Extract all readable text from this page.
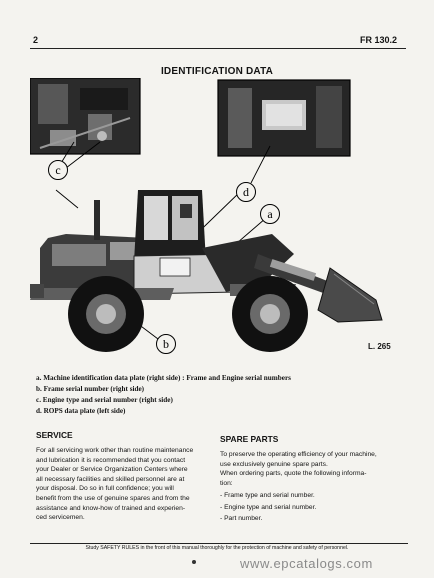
2	FR 130.2
IDENTIFICATION DATA
c
d
a
b	L. 265
a. Machine identification data plate (right side) : Frame and Engine serial numbers
b. Frame serial number (right side)
c. Engine type and serial number (right side)
d. ROPS data plate (left side)
SERVICE
For all servicing work other than routine maintenance
and lubrication it is recommended that you contact
your Dealer or Service Organization Centers where
all necessary facilities and skilled personnel are at
your disposal. Do so in full confidence; you will
benefit from the use of genuine spares and from the
assistance and know-how of trained and experien-
ced servicemen.
SPARE PARTS
To preserve the operating efficiency of your machine,
use exclusively genuine spare parts.
When ordering parts, quote the following informa-
tion:
- Frame type and serial number.
- Engine type and serial number.
- Part number.
Study SAFETY RULES in the front of this manual thoroughly for the protection of machine and safety of personnel.
www.epcatalogs.com
